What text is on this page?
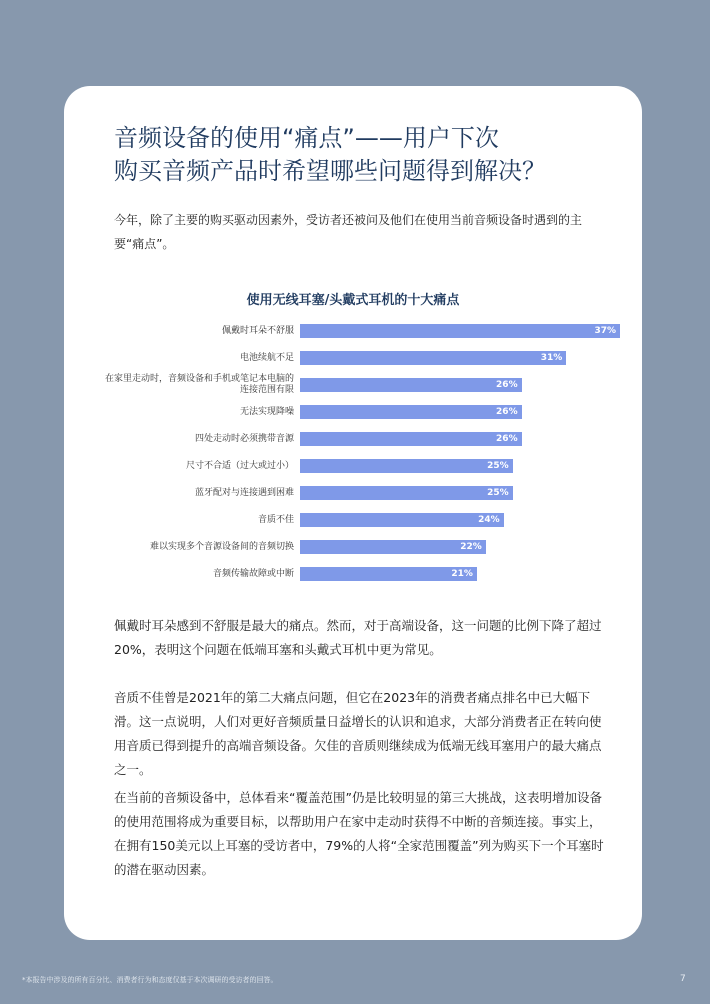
音频设备的使用“痛点”——用户下次
购买音频产品时希望哪些问题得到解决？

今年，除了主要的购买驱动因素外，受访者还被问及他们在使用当前音频设备时遇到的主要“痛点”。

使用无线耳塞/头戴式耳机的十大痛点
佩戴时耳朵不舒服	37%
电池续航不足	31%
在家里走动时，音频设备和手机或笔记本电脑的连接范围有限	26%
无法实现降噪	26%
四处走动时必须携带音源	26%
尺寸不合适（过大或过小）	25%
蓝牙配对与连接遇到困难	25%
音质不佳	24%
难以实现多个音源设备间的音频切换	22%
音频传输故障或中断	21%

佩戴时耳朵感到不舒服是最大的痛点。然而，对于高端设备，这一问题的比例下降了超过20%，表明这个问题在低端耳塞和头戴式耳机中更为常见。

音质不佳曾是2021年的第二大痛点问题，但它在2023年的消费者痛点排名中已大幅下滑。这一点说明，人们对更好音频质量日益增长的认识和追求，大部分消费者正在转向使用音质已得到提升的高端音频设备。欠佳的音质则继续成为低端无线耳塞用户的最大痛点之一。

在当前的音频设备中，总体看来“覆盖范围”仍是比较明显的第三大挑战，这表明增加设备的使用范围将成为重要目标，以帮助用户在家中走动时获得不中断的音频连接。事实上，在拥有150美元以上耳塞的受访者中，79%的人将“全家范围覆盖”列为购买下一个耳塞时的潜在驱动因素。

*本报告中涉及的所有百分比、消费者行为和态度仅基于本次调研的受访者的回答。	7
